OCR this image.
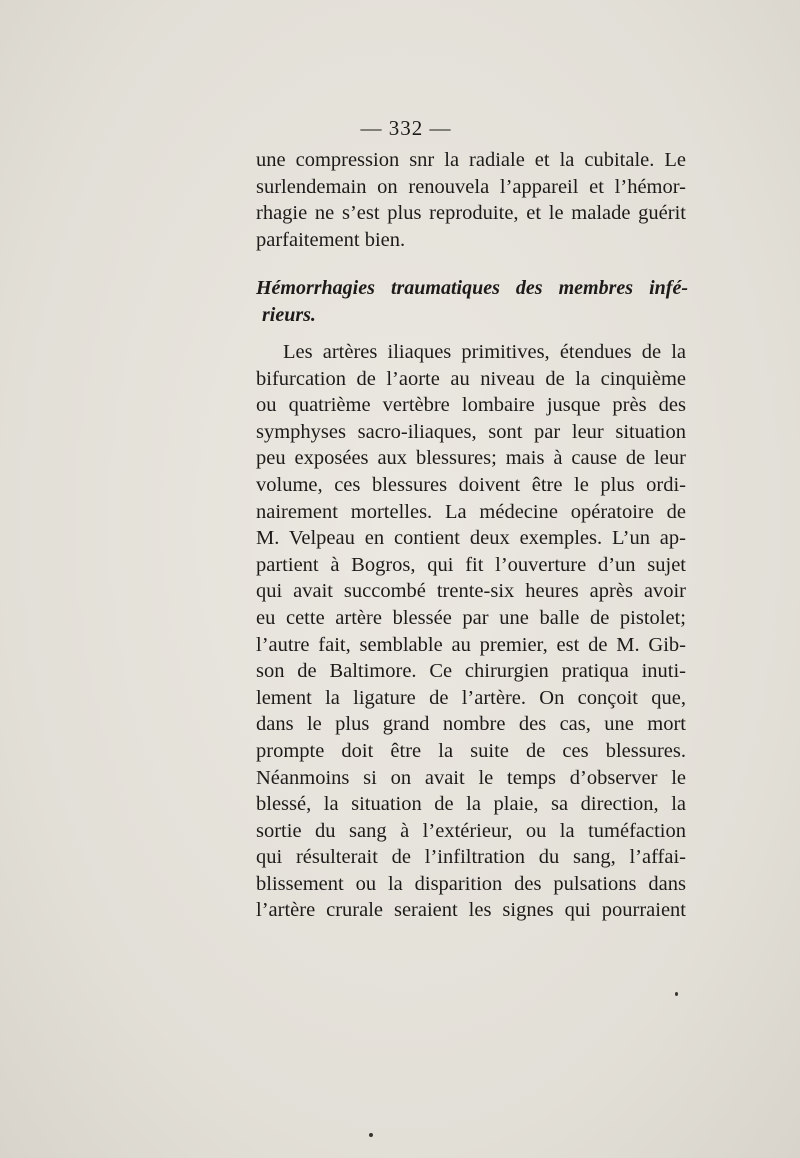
— 332 —
une compression snr la radiale et la cubitale. Le
surlendemain on renouvela l’appareil et l’hémor-
rhagie ne s’est plus reproduite, et le malade guérit
parfaitement bien.
Hémorrhagies traumatiques des membres infé-
rieurs.
Les artères iliaques primitives, étendues de la
bifurcation de l’aorte au niveau de la cinquième
ou quatrième vertèbre lombaire jusque près des
symphyses sacro-iliaques, sont par leur situation
peu exposées aux blessures; mais à cause de leur
volume, ces blessures doivent être le plus ordi-
nairement mortelles. La médecine opératoire de
M. Velpeau en contient deux exemples. L’un ap-
partient à Bogros, qui fit l’ouverture d’un sujet
qui avait succombé trente-six heures après avoir
eu cette artère blessée par une balle de pistolet;
l’autre fait, semblable au premier, est de M. Gib-
son de Baltimore. Ce chirurgien pratiqua inuti-
lement la ligature de l’artère. On conçoit que,
dans le plus grand nombre des cas, une mort
prompte doit être la suite de ces blessures.
Néanmoins si on avait le temps d’observer le
blessé, la situation de la plaie, sa direction, la
sortie du sang à l’extérieur, ou la tuméfaction
qui résulterait de l’infiltration du sang, l’affai-
blissement ou la disparition des pulsations dans
l’artère crurale seraient les signes qui pourraient
